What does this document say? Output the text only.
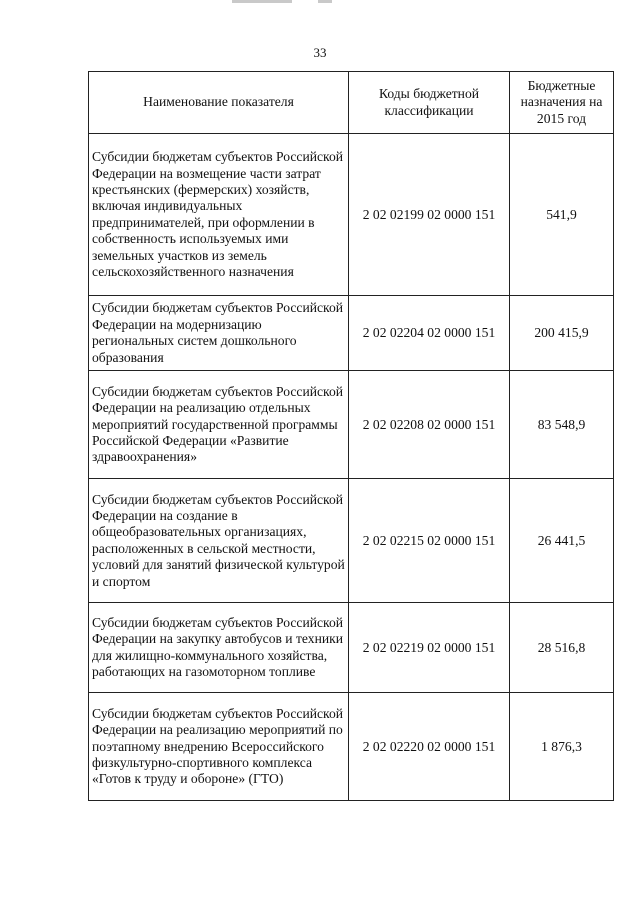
33
Наименование показателя	Коды бюджетной классификации	Бюджетные назначения на 2015 год
Субсидии бюджетам субъектов Российской Федерации на возмещение части затрат крестьянских (фермерских) хозяйств, включая индивидуальных предпринимателей, при оформлении в собственность используемых ими земельных участков из земель сельскохозяйственного назначения	2 02 02199 02 0000 151	541,9
Субсидии бюджетам субъектов Российской Федерации на модернизацию региональных систем дошкольного образования	2 02 02204 02 0000 151	200 415,9
Субсидии бюджетам субъектов Российской Федерации на реализацию отдельных мероприятий государственной программы Российской Федерации «Развитие здравоохранения»	2 02 02208 02 0000 151	83 548,9
Субсидии бюджетам субъектов Российской Федерации на создание в общеобразовательных организациях, расположенных в сельской местности, условий для занятий физической культурой и спортом	2 02 02215 02 0000 151	26 441,5
Субсидии бюджетам субъектов Российской Федерации на закупку автобусов и техники для жилищно-коммунального хозяйства, работающих на газомоторном топливе	2 02 02219 02 0000 151	28 516,8
Субсидии бюджетам субъектов Российской Федерации на реализацию мероприятий по поэтапному внедрению Всероссийского физкультурно-спортивного комплекса «Готов к труду и обороне» (ГТО)	2 02 02220 02 0000 151	1 876,3
